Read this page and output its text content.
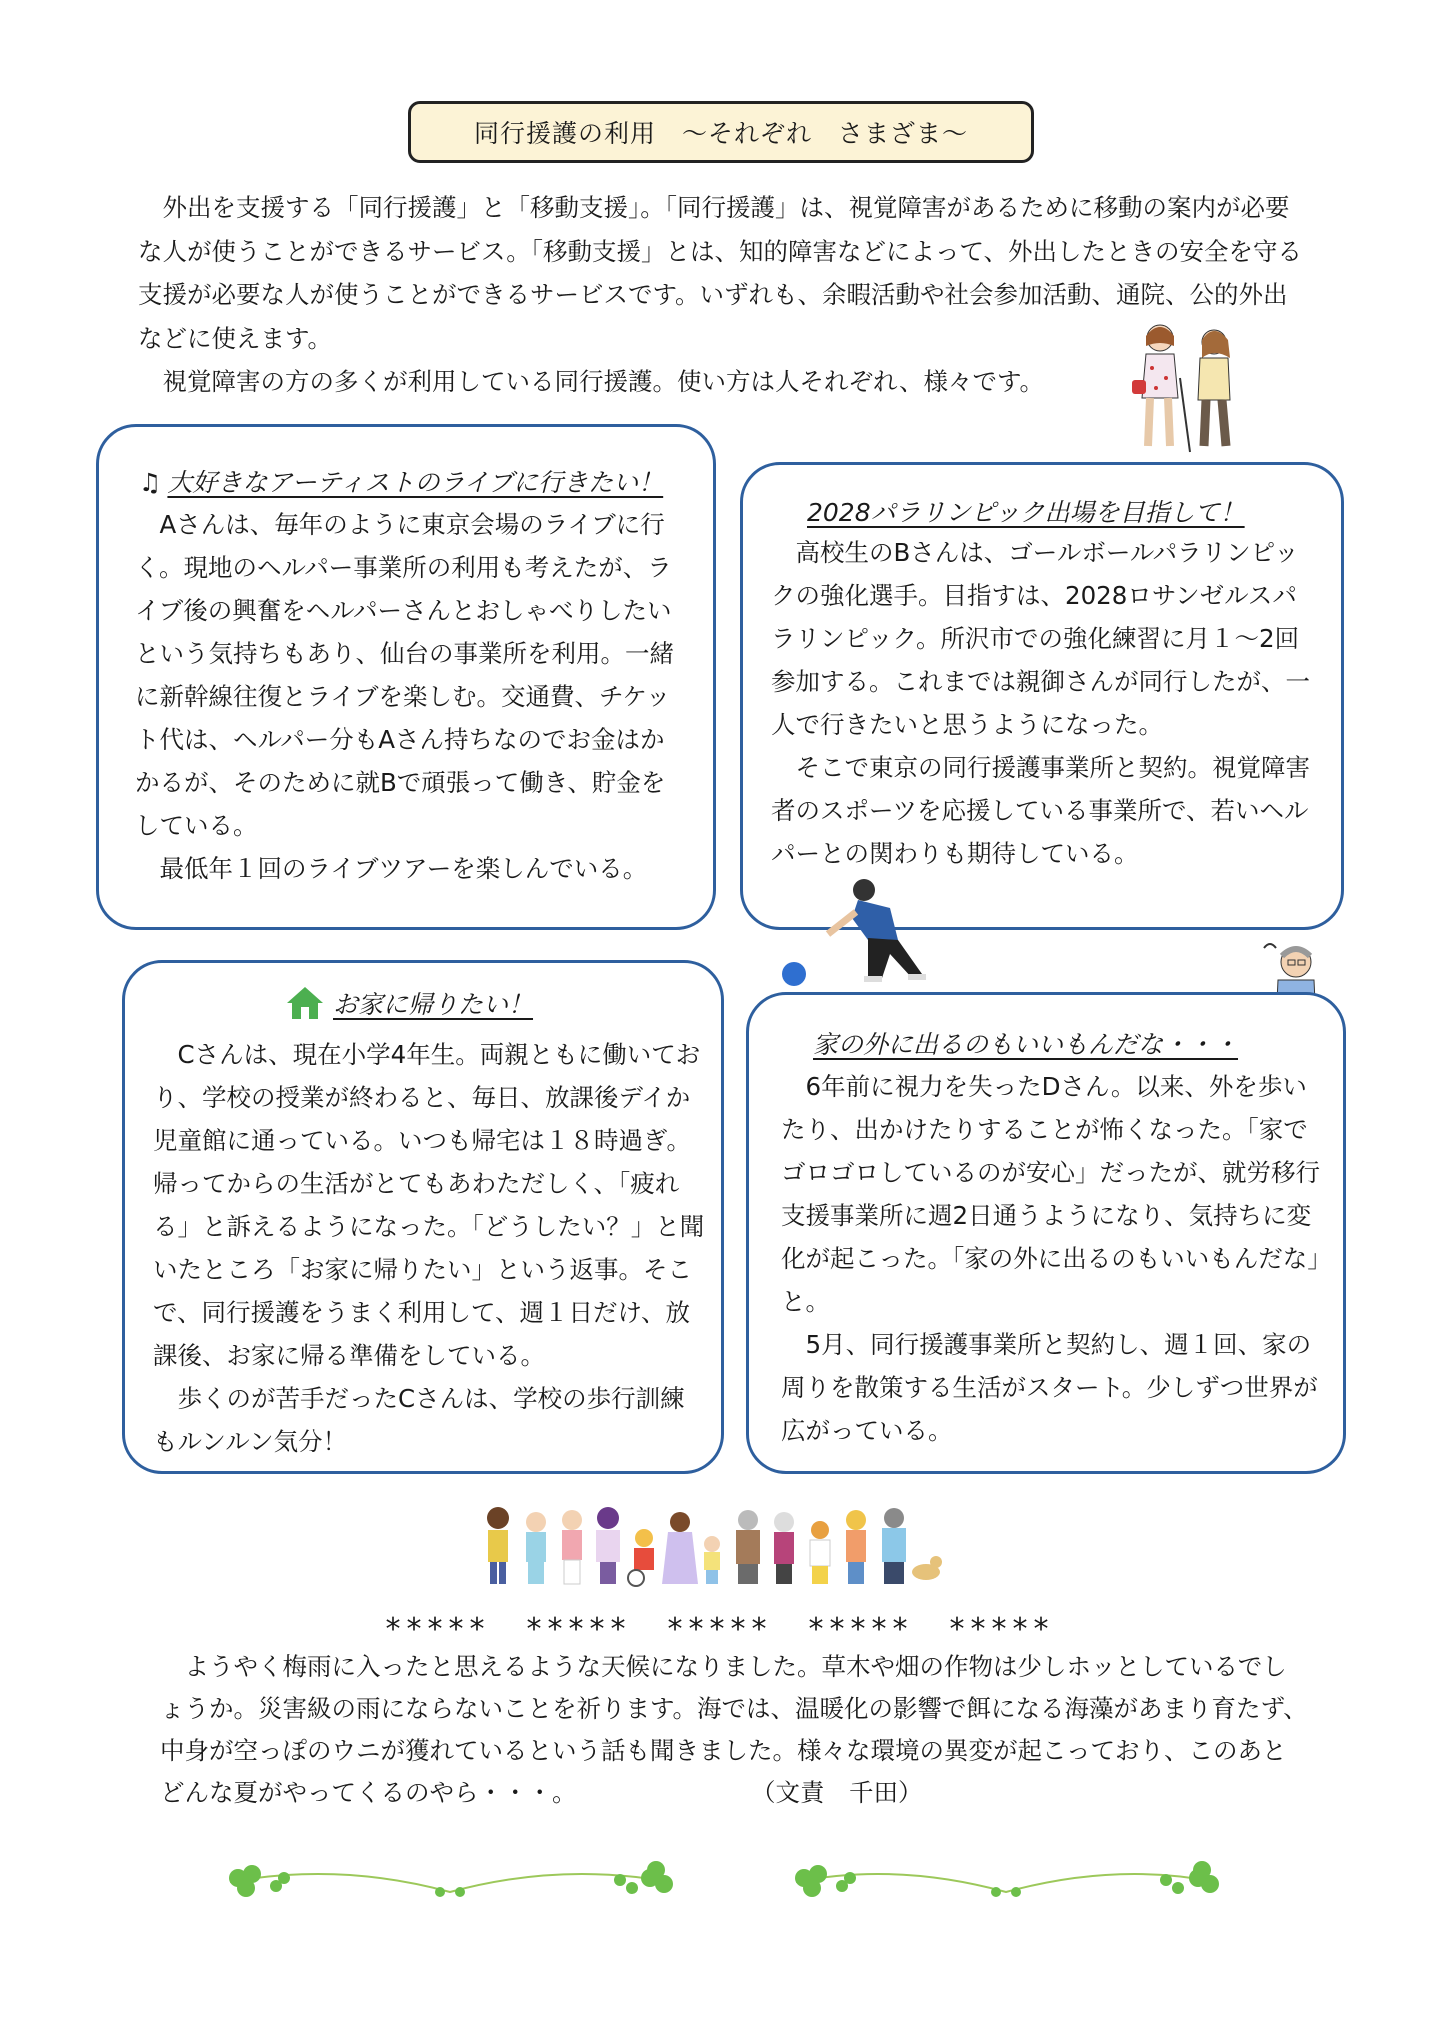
同行援護の利用　～それぞれ　さまざま～

外出を支援する「同行援護」と「移動支援」。「同行援護」は、視覚障害があるために移動の案内が必要な人が使うことができるサービス。「移動支援」とは、知的障害などによって、外出したときの安全を守る支援が必要な人が使うことができるサービスです。いずれも、余暇活動や社会参加活動、通院、公的外出などに使えます。

視覚障害の方の多くが利用している同行援護。使い方は人それぞれ、様々です。

♫ 大好きなアーティストのライブに行きたい！

Aさんは、毎年のように東京会場のライブに行く。現地のヘルパー事業所の利用も考えたが、ライブ後の興奮をヘルパーさんとおしゃべりしたいという気持ちもあり、仙台の事業所を利用。一緒に新幹線往復とライブを楽しむ。交通費、チケット代は、ヘルパー分もAさん持ちなのでお金はかかるが、そのために就Bで頑張って働き、貯金をしている。

最低年１回のライブツアーを楽しんでいる。

2028パラリンピック出場を目指して！

高校生のBさんは、ゴールボールパラリンピックの強化選手。目指すは、2028ロサンゼルスパラリンピック。所沢市での強化練習に月１～2回参加する。これまでは親御さんが同行したが、一人で行きたいと思うようになった。

そこで東京の同行援護事業所と契約。視覚障害者のスポーツを応援している事業所で、若いヘルパーとの関わりも期待している。

お家に帰りたい！

Cさんは、現在小学4年生。両親ともに働いており、学校の授業が終わると、毎日、放課後デイか児童館に通っている。いつも帰宅は１８時過ぎ。帰ってからの生活がとてもあわただしく、「疲れる」と訴えるようになった。「どうしたい？」と聞いたところ「お家に帰りたい」という返事。そこで、同行援護をうまく利用して、週１日だけ、放課後、お家に帰る準備をしている。

歩くのが苦手だったCさんは、学校の歩行訓練もルンルン気分！

家の外に出るのもいいもんだな・・・

6年前に視力を失ったDさん。以来、外を歩いたり、出かけたりすることが怖くなった。「家でゴロゴロしているのが安心」だったが、就労移行支援事業所に週2日通うようになり、気持ちに変化が起こった。「家の外に出るのもいいもんだな」と。

5月、同行援護事業所と契約し、週１回、家の周りを散策する生活がスタート。少しずつ世界が広がっている。

*****　*****　*****　*****　*****

ようやく梅雨に入ったと思えるような天候になりました。草木や畑の作物は少しホッとしているでしょうか。災害級の雨にならないことを祈ります。海では、温暖化の影響で餌になる海藻があまり育たず、中身が空っぽのウニが獲れているという話も聞きました。様々な環境の異変が起こっており、このあとどんな夏がやってくるのやら・・・。	（文責　千田）
